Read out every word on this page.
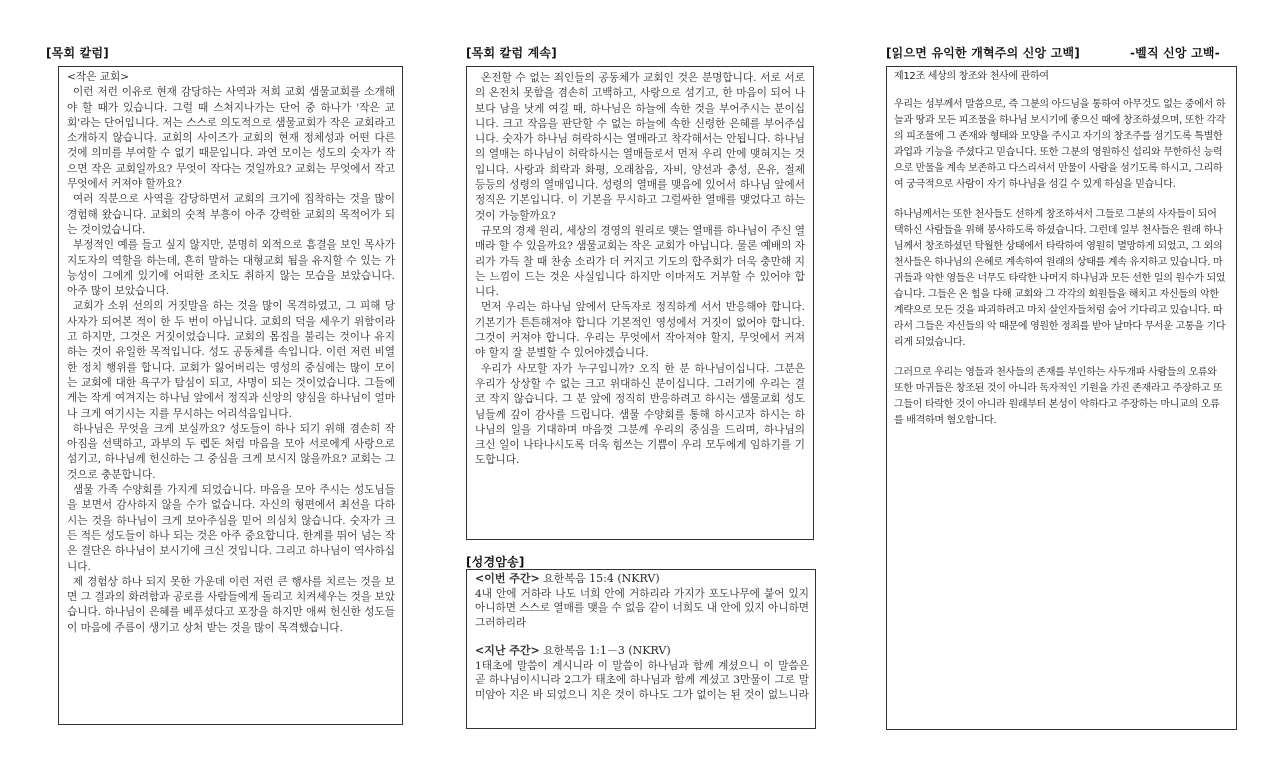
[목회 칼럼]
<작은 교회>

이런 저런 이유로 현재 감당하는 사역과 저희 교회 샘물교회를 소개해야 할 때가 있습니다. 그럴 때 스쳐지나가는 단어 중 하나가 '작은 교회'라는 단어입니다. 저는 스스로 의도적으로 샘물교회가 작은 교회라고 소개하지 않습니다. 교회의 사이즈가 교회의 현재 정체성과 어떤 다른 것에 의미를 부여할 수 없기 때문입니다. 과연 모이는 성도의 숫자가 작으면 작은 교회일까요? 무엇이 작다는 것일까요? 교회는 무엇에서 작고 무엇에서 커져야 할까요?

여러 직분으로 사역을 감당하면서 교회의 크기에 집착하는 것을 많이 경험해 왔습니다. 교회의 숫적 부흥이 아주 강력한 교회의 목적어가 되는 것이었습니다.

부정적인 예를 들고 싶지 않지만, 분명히 외적으로 흠결을 보인 목사가 지도자의 역할을 하는데, 흔히 말하는 대형교회 됨을 유지할 수 있는 가능성이 그에게 있기에 어떠한 조치도 취하지 않는 모습을 보았습니다. 아주 많이 보았습니다.

교회가 소위 선의의 거짓말을 하는 것을 많이 목격하였고, 그 피해 당사자가 되어본 적이 한 두 번이 아닙니다. 교회의 덕을 세우기 위함이라고 하지만, 그것은 거짓이었습니다. 교회의 몸집을 불리는 것이나 유지하는 것이 유일한 목적입니다. 성도 공동체를 속입니다. 이런 저런 비열한 정치 행위를 합니다. 교회가 잃어버리는 영성의 중심에는 많이 모이는 교회에 대한 욕구가 탐심이 되고, 사명이 되는 것이었습니다. 그들에게는 작게 여겨지는 하나님 앞에서 정직과 신앙의 양심을 하나님이 얼마나 크게 여기시는 지를 무시하는 어리석음입니다.

하나님은 무엇을 크게 보실까요? 성도들이 하나 되기 위해 겸손히 작아짐을 선택하고, 과부의 두 렙돈 처럼 마음을 모아 서로에게 사랑으로 섬기고, 하나님께 헌신하는 그 중심을 크게 보시지 않을까요? 교회는 그것으로 충분합니다.

샘물 가족 수양회를 가지게 되었습니다. 마음을 모아 주시는 성도님들을 보면서 감사하지 않을 수가 없습니다. 자신의 형편에서 최선을 다하시는 것을 하나님이 크게 보아주심을 믿어 의심치 않습니다. 숫자가 크든 적든 성도들이 하나 되는 것은 아주 중요합니다. 한계를 뛰어 넘는 작은 결단은 하나님이 보시기에 크신 것입니다. 그리고 하나님이 역사하십니다.

제 경험상 하나 되지 못한 가운데 이런 저런 큰 행사를 치르는 것을 보면 그 결과의 화려함과 공로를 사람들에게 돌리고 치켜세우는 것을 보았습니다. 하나님이 은혜를 베푸셨다고 포장을 하지만 애써 헌신한 성도들이 마음에 주름이 생기고 상처 받는 것을 많이 목격했습니다.

[목회 칼럼 계속]

온전할 수 없는 죄인들의 공동체가 교회인 것은 분명합니다. 서로 서로의 온전치 못함을 겸손히 고백하고, 사랑으로 섬기고, 한 마음이 되어 나보다 남을 낫게 여길 때, 하나님은 하늘에 속한 것을 부어주시는 분이십니다. 크고 작음을 판단할 수 없는 하늘에 속한 신령한 은혜를 부어주십니다. 숫자가 하나님 허락하시는 열매라고 착각해서는 안됩니다. 하나님의 열매는 하나님이 허락하시는 열매들로서 먼저 우리 안에 맺혀지는 것입니다. 사랑과 희락과 화평, 오래참음, 자비, 양선과 충성, 온유, 절제 등등의 성령의 열매입니다. 성령의 열매를 맺음에 있어서 하나님 앞에서 정직은 기본입니다. 이 기본을 무시하고 그럴싸한 열매를 맺었다고 하는 것이 가능할까요?

규모의 경제 원리, 세상의 경영의 원리로 맺는 열매를 하나님이 주신 열매라 할 수 있을까요? 샘물교회는 작은 교회가 아닙니다. 물론 예배의 자리가 가득 찰 때 찬송 소리가 더 커지고 기도의 합주회가 더욱 충만해 지는 느낌이 드는 것은 사실입니다 하지만 이마저도 거부할 수 있어야 합니다.

먼저 우리는 하나님 앞에서 단독자로 정직하게 서서 반응해야 합니다. 기본기가 튼튼해져야 합니다 기본적인 영성에서 거짓이 없어야 합니다. 그것이 커져야 합니다. 우리는 무엇에서 작아져야 할지, 무엇에서 커져야 할지 잘 분별할 수 있어야겠습니다.

우리가 사모할 자가 누구입니까? 오직 한 분 하나님이십니다. 그분은 우리가 상상할 수 없는 크고 위대하신 분이십니다. 그러기에 우리는 결코 작지 않습니다. 그 분 앞에 정직히 반응하려고 하시는 샘물교회 성도님들께 깊이 감사를 드립니다. 샘물 수양회를 통해 하시고자 하시는 하나님의 일을 기대하며 마음껏 그분께 우리의 중심을 드리며, 하나님의 크신 일이 나타나시도록 더욱 힘쓰는 기쁨이 우리 모두에게 임하기를 기도합니다.

[성경암송]
<이번 주간> 요한복음 15:4 (NKRV)
4내 안에 거하라 나도 너희 안에 거하리라 가지가 포도나무에 붙어 있지 아니하면 스스로 열매를 맺을 수 없음 같이 너희도 내 안에 있지 아니하면 그러하리라
<지난 주간> 요한복음 1:1－3 (NKRV)
1태초에 말씀이 계시니라 이 말씀이 하나님과 함께 계셨으니 이 말씀은 곧 하나님이시니라 2그가 태초에 하나님과 함께 계셨고 3만물이 그로 말미암아 지은 바 되었으니 지은 것이 하나도 그가 없이는 된 것이 없느니라
[읽으면 유익한 개혁주의 신앙 고백]	-벨직 신앙 고백-

제12조 세상의 창조와 천사에 관하여

우리는 성부께서 말씀으로, 즉 그분의 아드님을 통하여 아무것도 없는 중에서 하늘과 땅과 모든 피조물을 하나님 보시기에 좋으신 때에 창조하셨으며, 또한 각각의 피조물에 그 존재와 형태와 모양을 주시고 자기의 창조주를 섬기도록 특별한 과업과 기능을 주셨다고 믿습니다. 또한 그분의 영원하신 섭리와 무한하신 능력으로 만물을 계속 보존하고 다스리셔서 만물이 사람을 섬기도록 하시고, 그리하여 궁극적으로 사람이 자기 하나님을 섬길 수 있게 하심을 믿습니다.

하나님께서는 또한 천사들도 선하게 창조하셔서 그들로 그분의 사자들이 되어 택하신 사람들을 위해 봉사하도록 하셨습니다. 그런데 일부 천사들은 원래 하나님께서 창조하셨던 탁월한 상태에서 타락하여 영원히 멸망하게 되었고, 그 외의 천사들은 하나님의 은혜로 계속하여 원래의 상태를 계속 유지하고 있습니다. 마귀들과 악한 영들은 너무도 타락한 나머지 하나님과 모든 선한 일의 원수가 되었습니다. 그들은 온 힘을 다해 교회와 그 각각의 회원들을 해치고 자신들의 악한 계략으로 모든 것을 파괴하려고 마치 살인자들처럼 숨어 기다리고 있습니다. 따라서 그들은 자신들의 악 때문에 영원한 정죄를 받아 날마다 무서운 고통을 기다리게 되었습니다.

그러므로 우리는 영들과 천사들의 존재를 부인하는 사두개파 사람들의 오류와 또한 마귀들은 창조된 것이 아니라 독자적인 기원을 가진 존재라고 주장하고 또 그들이 타락한 것이 아니라 원래부터 본성이 악하다고 주장하는 마니교의 오류를 배격하며 혐오합니다.
